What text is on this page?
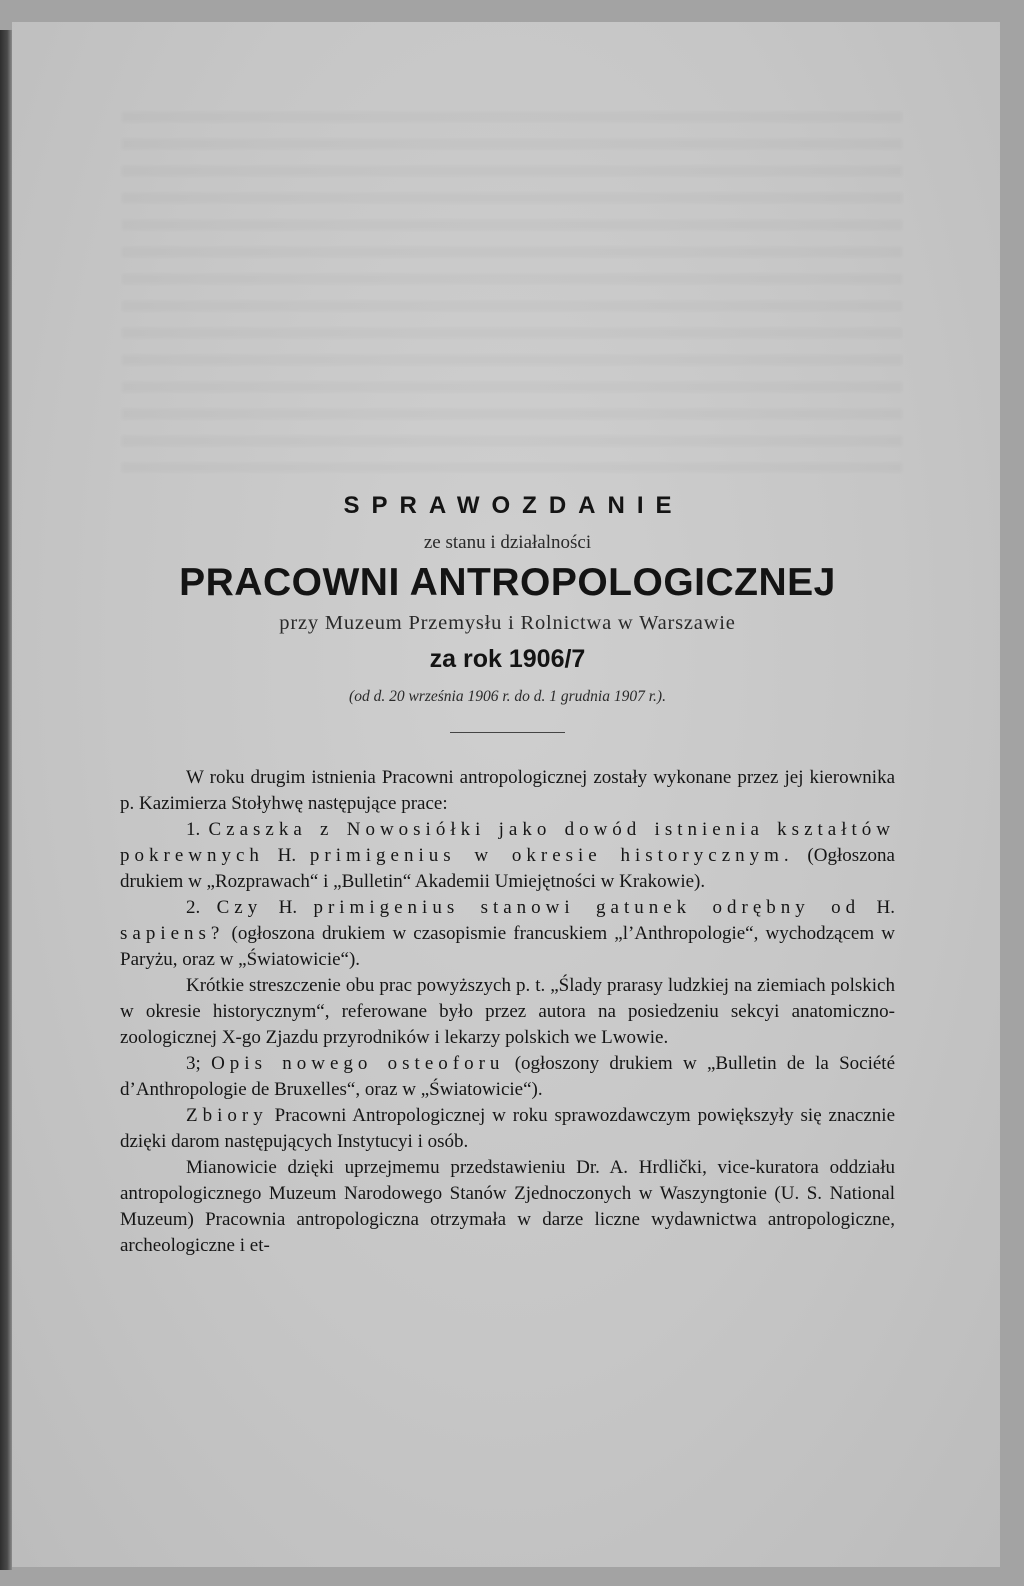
SPRAWOZDANIE
ze stanu i działalności
PRACOWNI ANTROPOLOGICZNEJ
przy Muzeum Przemysłu i Rolnictwa w Warszawie
za rok 1906/7
(od d. 20 września 1906 r. do d. 1 grudnia 1907 r.).

W roku drugim istnienia Pracowni antropologicznej zostały wykonane przez jej kierownika p. Kazimierza Stołyhwę następujące prace:

1. Czaszka z Nowosiółki jako dowód istnienia kształtów pokrewnych H. primigenius w okresie historycznym. (Ogłoszona drukiem w „Rozprawach“ i „Bulletin“ Akademii Umiejętności w Krakowie).

2. Czy H. primigenius stanowi gatunek odrębny od H. sapiens? (ogłoszona drukiem w czasopismie francuskiem „l’Anthropologie“, wychodzącem w Paryżu, oraz w „Światowicie“).

Krótkie streszczenie obu prac powyższych p. t. „Ślady prarasy ludzkiej na ziemiach polskich w okresie historycznym“, referowane było przez autora na posiedzeniu sekcyi anatomiczno-zoologicznej X-go Zjazdu przyrodników i lekarzy polskich we Lwowie.

3; Opis nowego osteoforu (ogłoszony drukiem w „Bulletin de la Société d’Anthropologie de Bruxelles“, oraz w „Światowicie“).

Zbiory Pracowni Antropologicznej w roku sprawozdawczym powiększyły się znacznie dzięki darom następujących Instytucyi i osób.

Mianowicie dzięki uprzejmemu przedstawieniu Dr. A. Hrdlički, vice-kuratora oddziału antropologicznego Muzeum Narodowego Stanów Zjednoczonych w Waszyngtonie (U. S. National Muzeum) Pracownia antropologiczna otrzymała w darze liczne wydawnictwa antropologiczne, archeologiczne i et-
